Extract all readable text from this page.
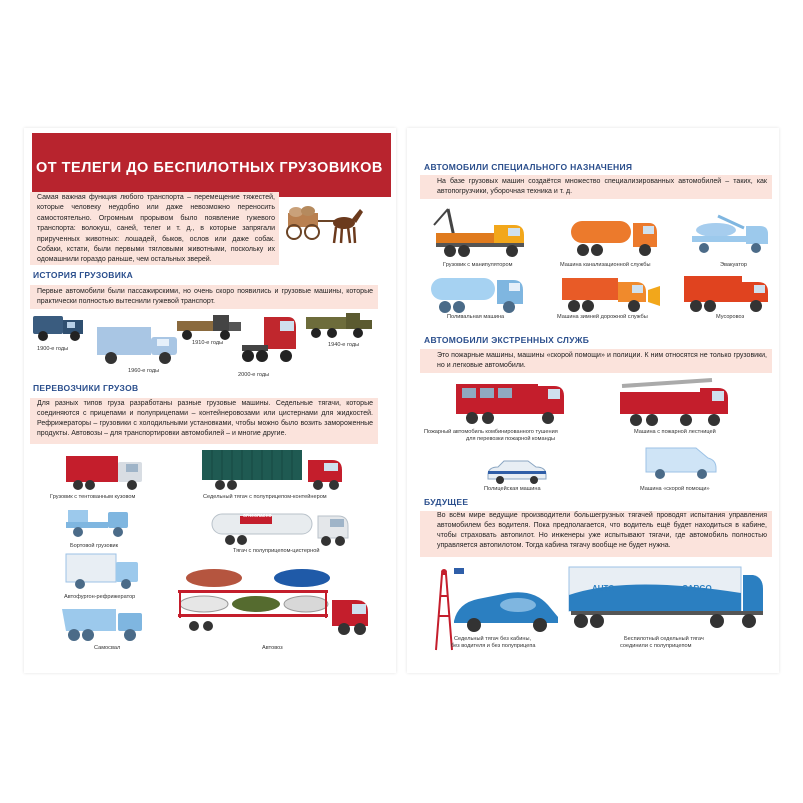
ОТ ТЕЛЕГИ ДО БЕСПИЛОТНЫХ ГРУЗОВИКОВ
Самая важная функция любого транспорта – перемещение тяжестей, которые человеку неудобно или даже невозможно переносить самостоятельно. Огромным прорывом было появление гужевого транспорта: волокуш, саней, телег и т. д., в которые запрягали прирученных животных: лошадей, быков, ослов или даже собак. Собаки, кстати, были первыми тягловыми животными, поскольку их одомашнили гораздо раньше, чем остальных зверей.
ИСТОРИЯ ГРУЗОВИКА
Первые автомобили были пассажирскими, но очень скоро появились и грузовые машины, которые практически полностью вытеснили гужевой транспорт.
1900-е годы
1960-е годы
1910-е годы
2000-е годы
1940-е годы
ПЕРЕВОЗЧИКИ ГРУЗОВ
Для разных типов груза разработаны разные грузовые машины. Седельные тягачи, которые соединяются с прицепами и полуприцепами – контейнеровозами или цистернами для жидкостей. Рефрижераторы – грузовики с холодильными установками, чтобы можно было возить замороженные продукты. Автовозы – для транспортировки автомобилей – и многие другие.
Грузовик с тентованным кузовом	Седельный тягач с полуприцепом-контейнером
Бортовой грузовик
огнеопасно
Тягач с полуприцепом-цистерной
Автофургон-рефрижератор
Самосвал	Автовоз
АВТОМОБИЛИ СПЕЦИАЛЬНОГО НАЗНАЧЕНИЯ
На базе грузовых машин создаётся множество специализированных автомобилей – таких, как автопогрузчики, уборочная техника и т. д.
Грузовик с манипулятором	Машина канализационной службы	Эвакуатор
Поливальная машина	Машина зимней дорожной службы	Мусоровоз
АВТОМОБИЛИ ЭКСТРЕННЫХ СЛУЖБ
Это пожарные машины, машины «скорой помощи» и полиции. К ним относятся не только грузовики, но и легковые автомобили.
Пожарный автомобиль комбинированного тушения
для перевозки пожарной команды
Машина с пожарной лестницей
Полицейская машина	Машина «скорой помощи»
БУДУЩЕЕ
Во всём мире ведущие производители большегрузных тягачей проводят испытания управления автомобилем без водителя. Пока предполагается, что водитель ещё будет находиться в кабине, чтобы страховать автопилот. Но инженеры уже испытывают тягачи, где автомобиль полностью управляется автопилотом. Тогда кабина тягачу вообще не будет нужна.
Седельный тягач без кабины,
без водителя и без полуприцепа
AUTO	CARGO
Беспилотный седельный тягач
соединили с полуприцепом
